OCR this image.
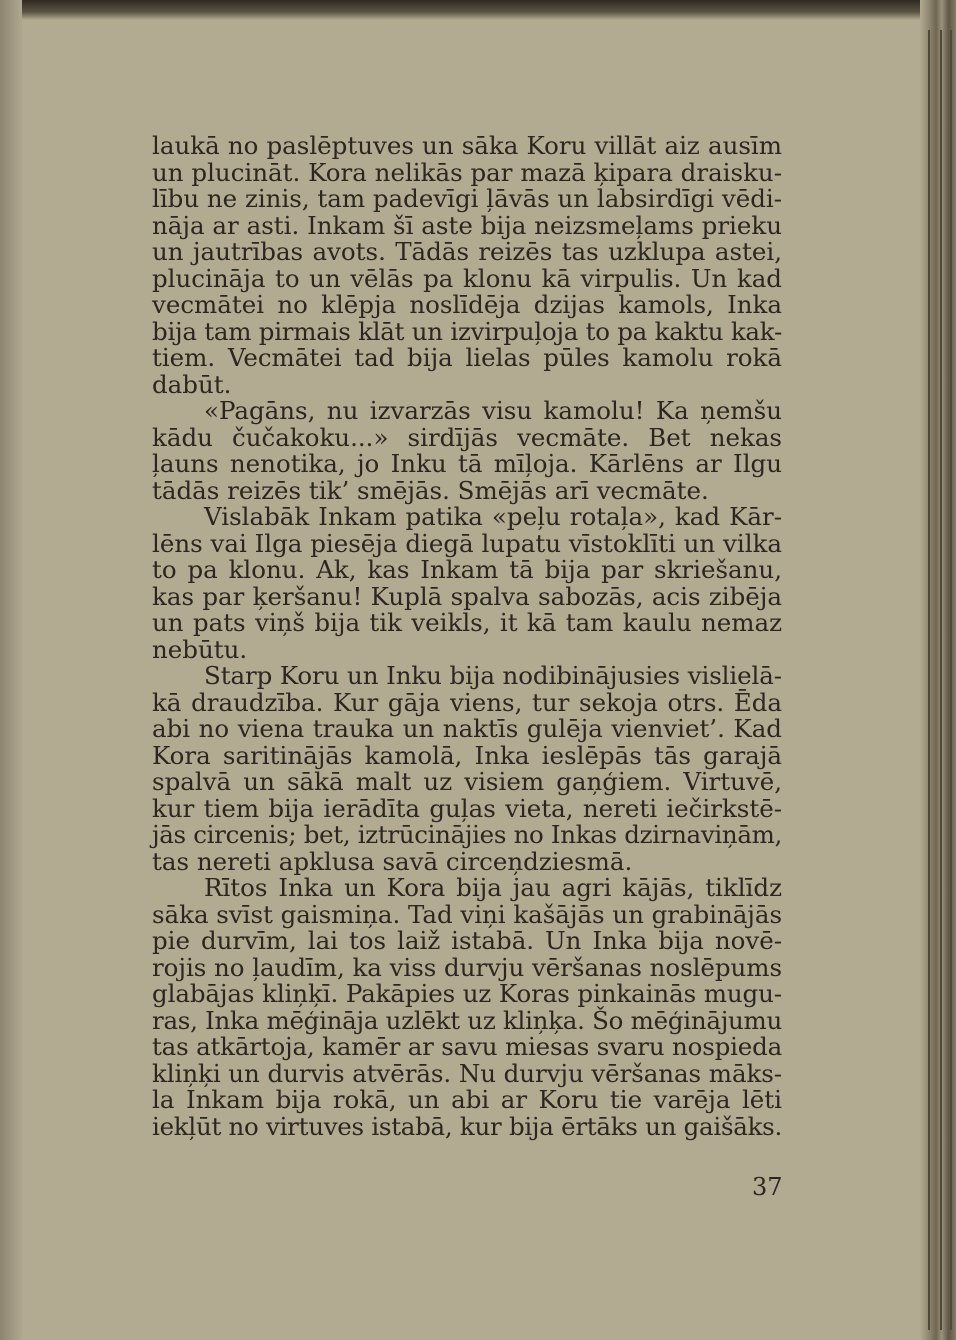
laukā no paslēptuves un sāka Koru villāt aiz ausīm
un plucināt. Kora nelikās par mazā ķipara draisku-
lību ne zinis, tam padevīgi ļāvās un labsirdīgi vēdi-
nāja ar asti. Inkam šī aste bija neizsmeļams prieku
un jautrības avots. Tādās reizēs tas uzklupa astei,
plucināja to un vēlās pa klonu kā virpulis. Un kad
vecmātei no klēpja noslīdēja dzijas kamols, Inka
bija tam pirmais klāt un izvirpuļoja to pa kaktu kak-
tiem. Vecmātei tad bija lielas pūles kamolu rokā
dabūt.
«Pagāns, nu izvarzās visu kamolu! Ka ņemšu
kādu čučakoku...» sirdījās vecmāte. Bet nekas
ļauns nenotika, jo Inku tā mīļoja. Kārlēns ar Ilgu
tādās reizēs tik’ smējās. Smējās arī vecmāte.
Vislabāk Inkam patika «peļu rotaļa», kad Kār-
lēns vai Ilga piesēja diegā lupatu vīstoklīti un vilka
to pa klonu. Ak, kas Inkam tā bija par skriešanu,
kas par ķeršanu! Kuplā spalva sabozās, acis zibēja
un pats viņš bija tik veikls, it kā tam kaulu nemaz
nebūtu.
Starp Koru un Inku bija nodibinājusies vislielā-
kā draudzība. Kur gāja viens, tur sekoja otrs. Ēda
abi no viena trauka un naktīs gulēja vienviet’. Kad
Kora saritinājās kamolā, Inka ieslēpās tās garajā
spalvā un sākā malt uz visiem gaņģiem. Virtuvē,
kur tiem bija ierādīta guļas vieta, nereti iečirkstē-
jās circenis; bet, iztrūcinājies no Inkas dzirnaviņām,
tas nereti apklusa savā circeņdziesmā.
Rītos Inka un Kora bija jau agri kājās, tiklīdz
sāka svīst gaismiņa. Tad viņi kašājās un grabinājās
pie durvīm, lai tos laiž istabā. Un Inka bija novē-
rojis no ļaudīm, ka viss durvju vēršanas noslēpums
glabājas kliņķī. Pakāpies uz Koras pinkainās mugu-
ras, Inka mēģināja uzlēkt uz kliņķa. Šo mēģinājumu
tas atkārtoja, kamēr ar savu miesas svaru nospieda
kliņķi un durvis atvērās. Nu durvju vēršanas māks-
la Inkam bija rokā, un abi ar Koru tie varēja lēti
iekļūt no virtuves istabā, kur bija ērtāks un gaišāks.
37
